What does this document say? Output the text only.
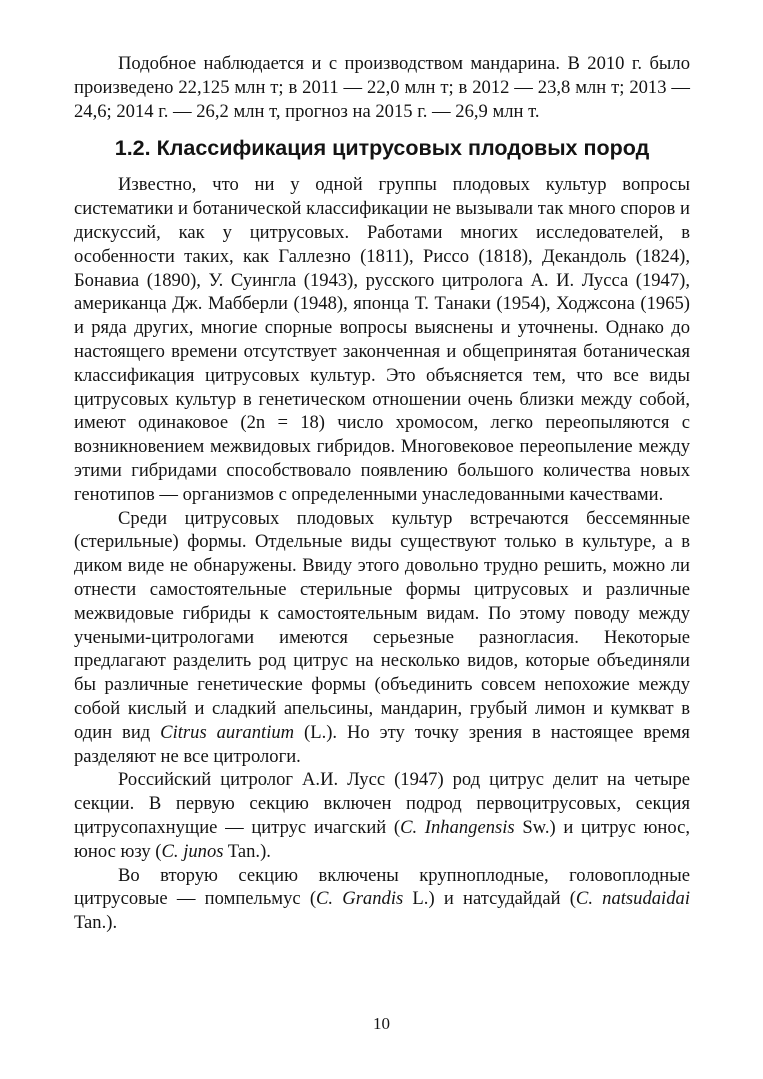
Подобное наблюдается и с производством мандарина. В 2010 г. было произведено 22,125 млн т; в 2011 — 22,0 млн т; в 2012 — 23,8 млн т; 2013 — 24,6; 2014 г. — 26,2 млн т, прогноз на 2015 г. — 26,9 млн т.

1.2. Классификация цитрусовых плодовых пород

Известно, что ни у одной группы плодовых культур вопросы систематики и ботанической классификации не вызывали так много споров и дискуссий, как у цитрусовых. Работами многих исследователей, в особенности таких, как Галлезно (1811), Риссо (1818), Декандоль (1824), Бонавиа (1890), У. Суингла (1943), русского цитролога А. И. Лусса (1947), американца Дж. Мабберли (1948), японца Т. Танаки (1954), Ходжсона (1965) и ряда других, многие спорные вопросы выяснены и уточнены. Однако до настоящего времени отсутствует законченная и общепринятая ботаническая классификация цитрусовых культур. Это объясняется тем, что все виды цитрусовых культур в генетическом отношении очень близки между собой, имеют одинаковое (2n = 18) число хромосом, легко переопыляются с возникновением межвидовых гибридов. Многовековое переопыление между этими гибридами способствовало появлению большого количества новых генотипов — организмов с определенными унаследованными качествами.

Среди цитрусовых плодовых культур встречаются бессемянные (стерильные) формы. Отдельные виды существуют только в культуре, а в диком виде не обнаружены. Ввиду этого довольно трудно решить, можно ли отнести самостоятельные стерильные формы цитрусовых и различные межвидовые гибриды к самостоятельным видам. По этому поводу между учеными-цитрологами имеются серьезные разногласия. Некоторые предлагают разделить род цитрус на несколько видов, которые объединяли бы различные генетические формы (объединить совсем непохожие между собой кислый и сладкий апельсины, мандарин, грубый лимон и кумкват в один вид Citrus aurantium (L.). Но эту точку зрения в настоящее время разделяют не все цитрологи.

Российский цитролог А.И. Лусс (1947) род цитрус делит на четыре секции. В первую секцию включен подрод первоцитрусовых, секция цитрусопахнущие — цитрус ичагский (C. Inhangensis Sw.) и цитрус юнос, юнос юзу (C. junos Tan.).

Во вторую секцию включены крупноплодные, головоплодные цитрусовые — помпельмус (C. Grandis L.) и натсудайдай (C. natsudaidai Tan.).

10
